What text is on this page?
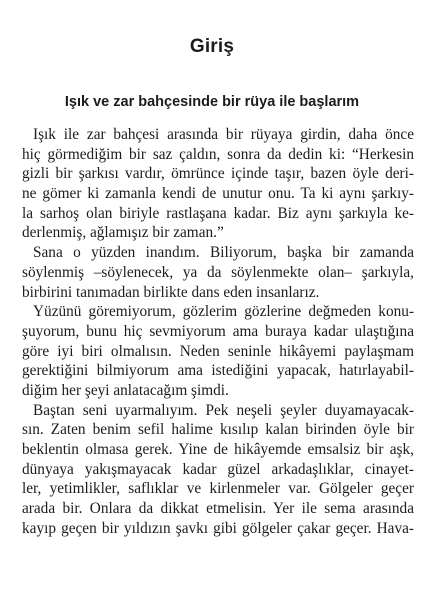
Giriş
Işık ve zar bahçesinde bir rüya ile başlarım
Işık ile zar bahçesi arasında bir rüyaya girdin, daha önce
hiç görmediğim bir saz çaldın, sonra da dedin ki: “Herkesin
gizli bir şarkısı vardır, ömrünce içinde taşır, bazen öyle deri-
ne gömer ki zamanla kendi de unutur onu. Ta ki aynı şarkıy-
la sarhoş olan biriyle rastlaşana kadar. Biz aynı şarkıyla ke-
derlenmiş, ağlamışız bir zaman.”
Sana o yüzden inandım. Biliyorum, başka bir zamanda
söylenmiş –söylenecek, ya da söylenmekte olan– şarkıyla,
birbirini tanımadan birlikte dans eden insanlarız.
Yüzünü göremiyorum, gözlerim gözlerine değmeden konu-
şuyorum, bunu hiç sevmiyorum ama buraya kadar ulaştığına
göre iyi biri olmalısın. Neden seninle hikâyemi paylaşmam
gerektiğini bilmiyorum ama istediğini yapacak, hatırlayabil-
diğim her şeyi anlatacağım şimdi.
Baştan seni uyarmalıyım. Pek neşeli şeyler duyamayacak-
sın. Zaten benim sefil halime kısılıp kalan birinden öyle bir
beklentin olmasa gerek. Yine de hikâyemde emsalsiz bir aşk,
dünyaya yakışmayacak kadar güzel arkadaşlıklar, cinayet-
ler, yetimlikler, saflıklar ve kirlenmeler var. Gölgeler geçer
arada bir. Onlara da dikkat etmelisin. Yer ile sema arasında
kayıp geçen bir yıldızın şavkı gibi gölgeler çakar geçer. Hava-
